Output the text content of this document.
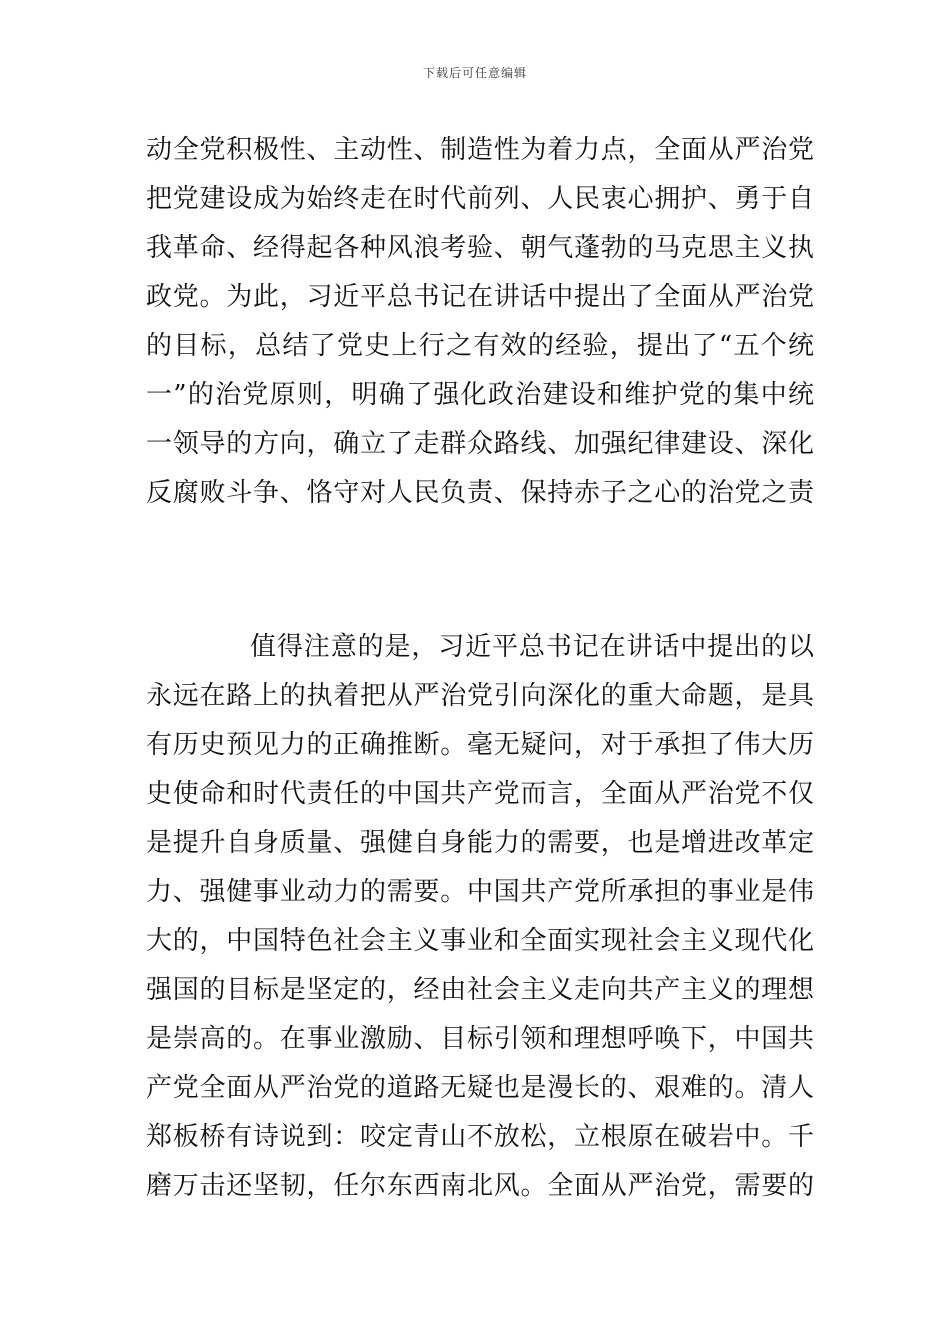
下载后可任意编辑
动全党积极性、主动性、制造性为着力点，全面从严治党
把党建设成为始终走在时代前列、人民衷心拥护、勇于自
我革命、经得起各种风浪考验、朝气蓬勃的马克思主义执
政党。为此，习近平总书记在讲话中提出了全面从严治党
的目标，总结了党史上行之有效的经验，提出了“五个统
一”的治党原则，明确了强化政治建设和维护党的集中统
一领导的方向，确立了走群众路线、加强纪律建设、深化
反腐败斗争、恪守对人民负责、保持赤子之心的治党之责
值得注意的是，习近平总书记在讲话中提出的以
永远在路上的执着把从严治党引向深化的重大命题，是具
有历史预见力的正确推断。毫无疑问，对于承担了伟大历
史使命和时代责任的中国共产党而言，全面从严治党不仅
是提升自身质量、强健自身能力的需要，也是增进改革定
力、强健事业动力的需要。中国共产党所承担的事业是伟
大的，中国特色社会主义事业和全面实现社会主义现代化
强国的目标是坚定的，经由社会主义走向共产主义的理想
是崇高的。在事业激励、目标引领和理想呼唤下，中国共
产党全面从严治党的道路无疑也是漫长的、艰难的。清人
郑板桥有诗说到：咬定青山不放松，立根原在破岩中。千
磨万击还坚韧，任尔东西南北风。全面从严治党，需要的
